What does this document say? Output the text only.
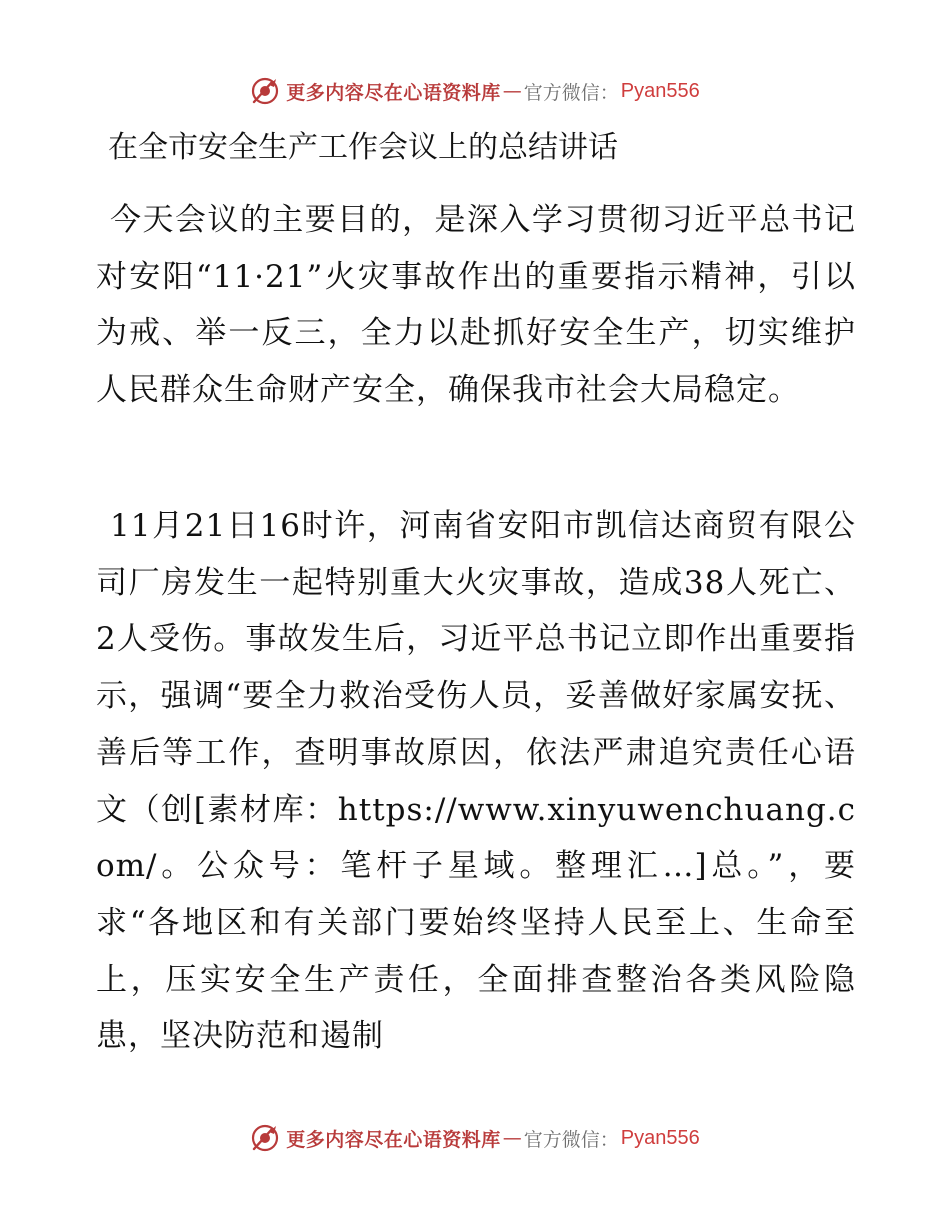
更多内容尽在心语资料库 — 官方微信： Pyan556
在全市安全生产工作会议上的总结讲话
今天会议的主要目的，是深入学习贯彻习近平总书记对安阳“11·21”火灾事故作出的重要指示精神，引以为戒、举一反三，全力以赴抓好安全生产，切实维护人民群众生命财产安全，确保我市社会大局稳定。
11月21日16时许，河南省安阳市凯信达商贸有限公司厂房发生一起特别重大火灾事故，造成38人死亡、2人受伤。事故发生后，习近平总书记立即作出重要指示，强调“要全力救治受伤人员，妥善做好家属安抚、善后等工作，查明事故原因，依法严肃追究责任心语文（创[素材库：https://www.xinyuwenchuang.com/。公众号：笔杆子星域。整理汇…]总。”，要求“各地区和有关部门要始终坚持人民至上、生命至上，压实安全生产责任，全面排查整治各类风险隐患，坚决防范和遏制
更多内容尽在心语资料库 — 官方微信： Pyan556
